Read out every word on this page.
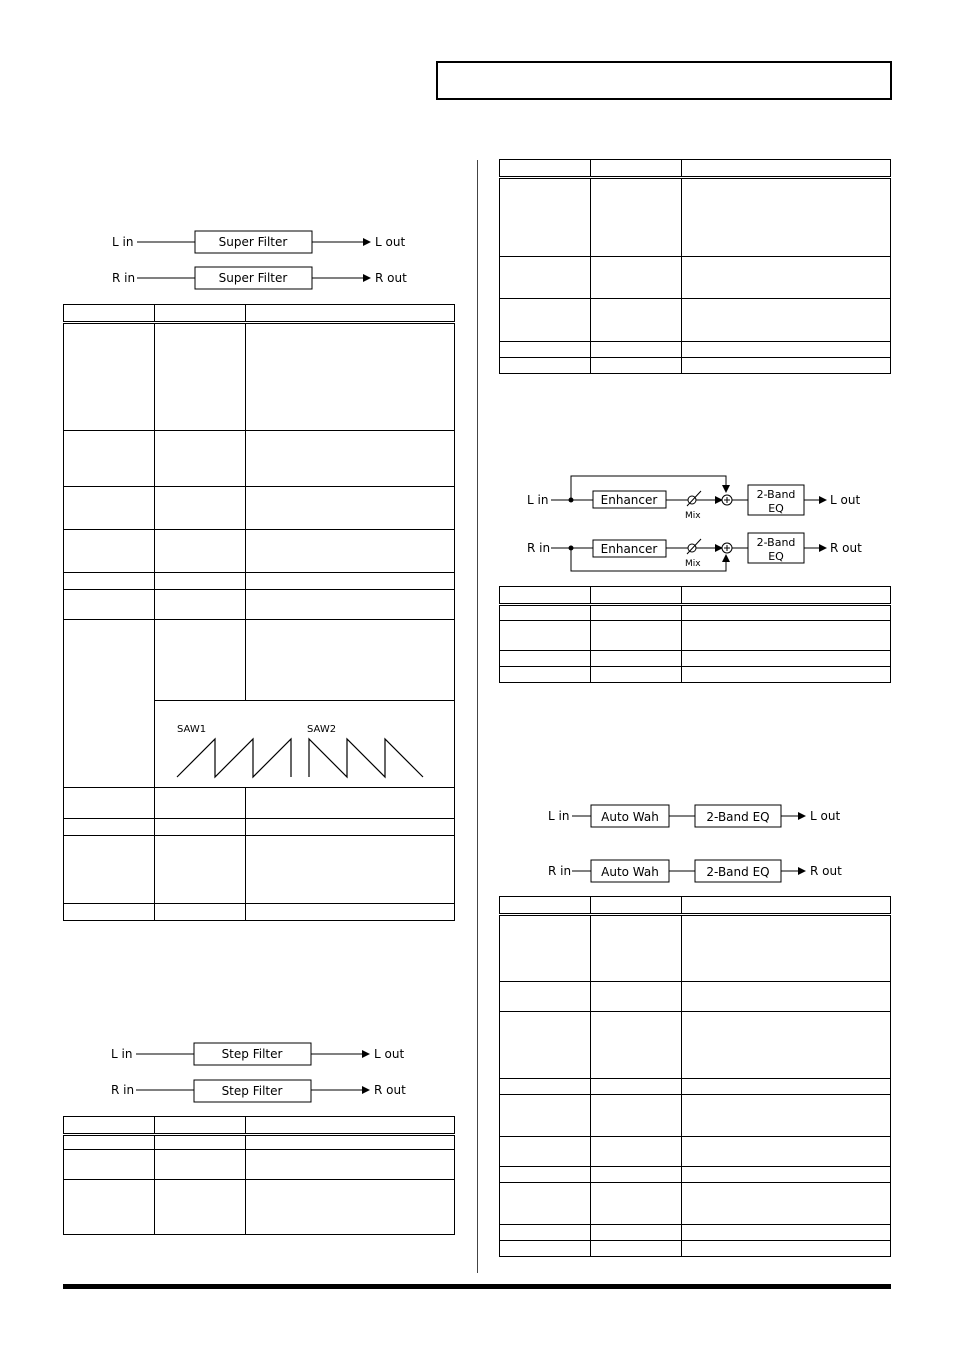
L in	Super Filter	L out
R in	Super Filter	R out

SAW1 SAW2	

L in	Step Filter	L out
R in	Step Filter	R out

L in	Enhancer
Mix
2-Band
EQ
L out
R in	Enhancer
Mix
2-Band
EQ
R out

L in	Auto Wah	2-Band EQ	L out
R in	Auto Wah	2-Band EQ	R out
